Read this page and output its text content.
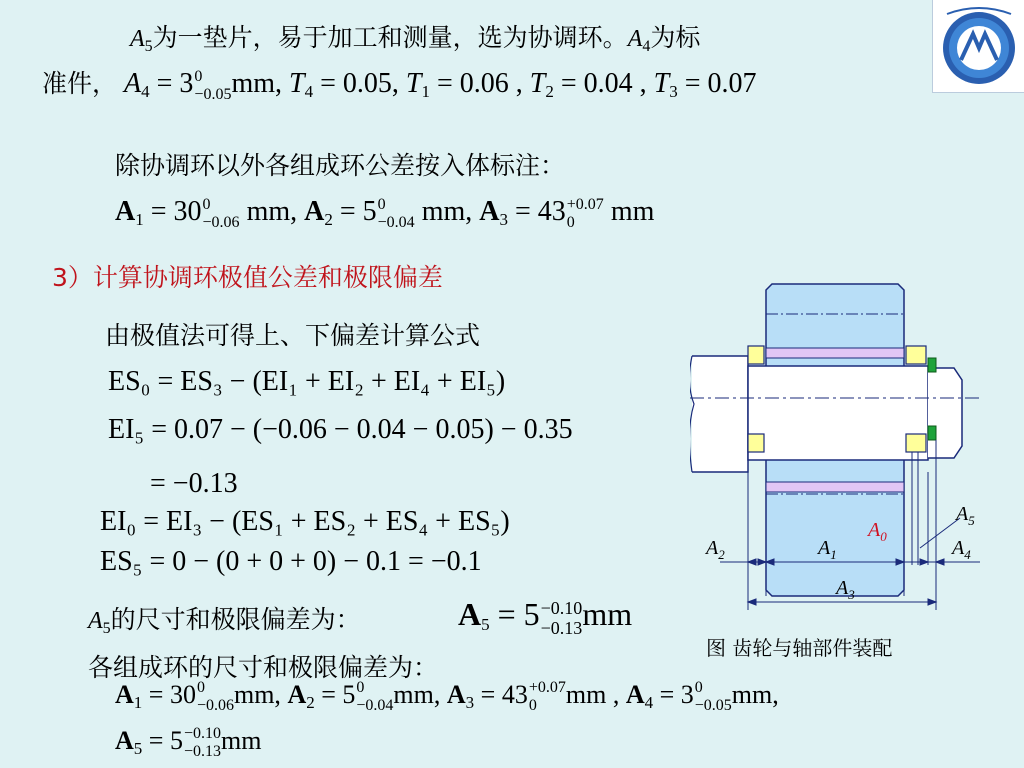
$A_5$为一垫片，易于加工和测量，选为协调环。$A_4$为标
准件， $A_4 = 3$ 0
−0.05 mm, $T_4 = 0.05$, $T_1 = 0.06$ , $T_2 = 0.04$ , $T_3 = 0.07$
除协调环以外各组成环公差按入体标注：
$A_1 = 30$ 0
−0.06 mm, $A_2 = 5$ 0
−0.04 mm, $A_3 = 43 +0.07$
0	mm
3）计算协调环极值公差和极限偏差
由极值法可得上、下偏差计算公式
ES₀ = ES₃ − (EI₁ + EI₂ + EI₄ + EI₅)
EI₅ = 0.07 − (−0.06 − 0.04 − 0.05) − 0.35
= −0.13
EI₀ = EI₃ − (ES₁ + ES₂ + ES₄ + ES₅)
ES₅ = 0 − (0 + 0 + 0) − 0.1 = −0.1
$A_5$的尺寸和极限偏差为：	$A_5 = 5 -0.10$
−0.13 mm
各组成环的尺寸和极限偏差为：
$A_1 = 30$ 0
−0.06 mm, $A_2 = 5$ 0
−0.04 mm, $A_3 = 43 +0.07$
0	mm , $A_4 = 3$ 0
−0.05 mm,
$A_5 = 5 -0.10$
−0.13 mm
$A_2$	$A_1$
$A_0$
$A_4$
$A_5$
$A_3$
图 齿轮与轴部件装配
